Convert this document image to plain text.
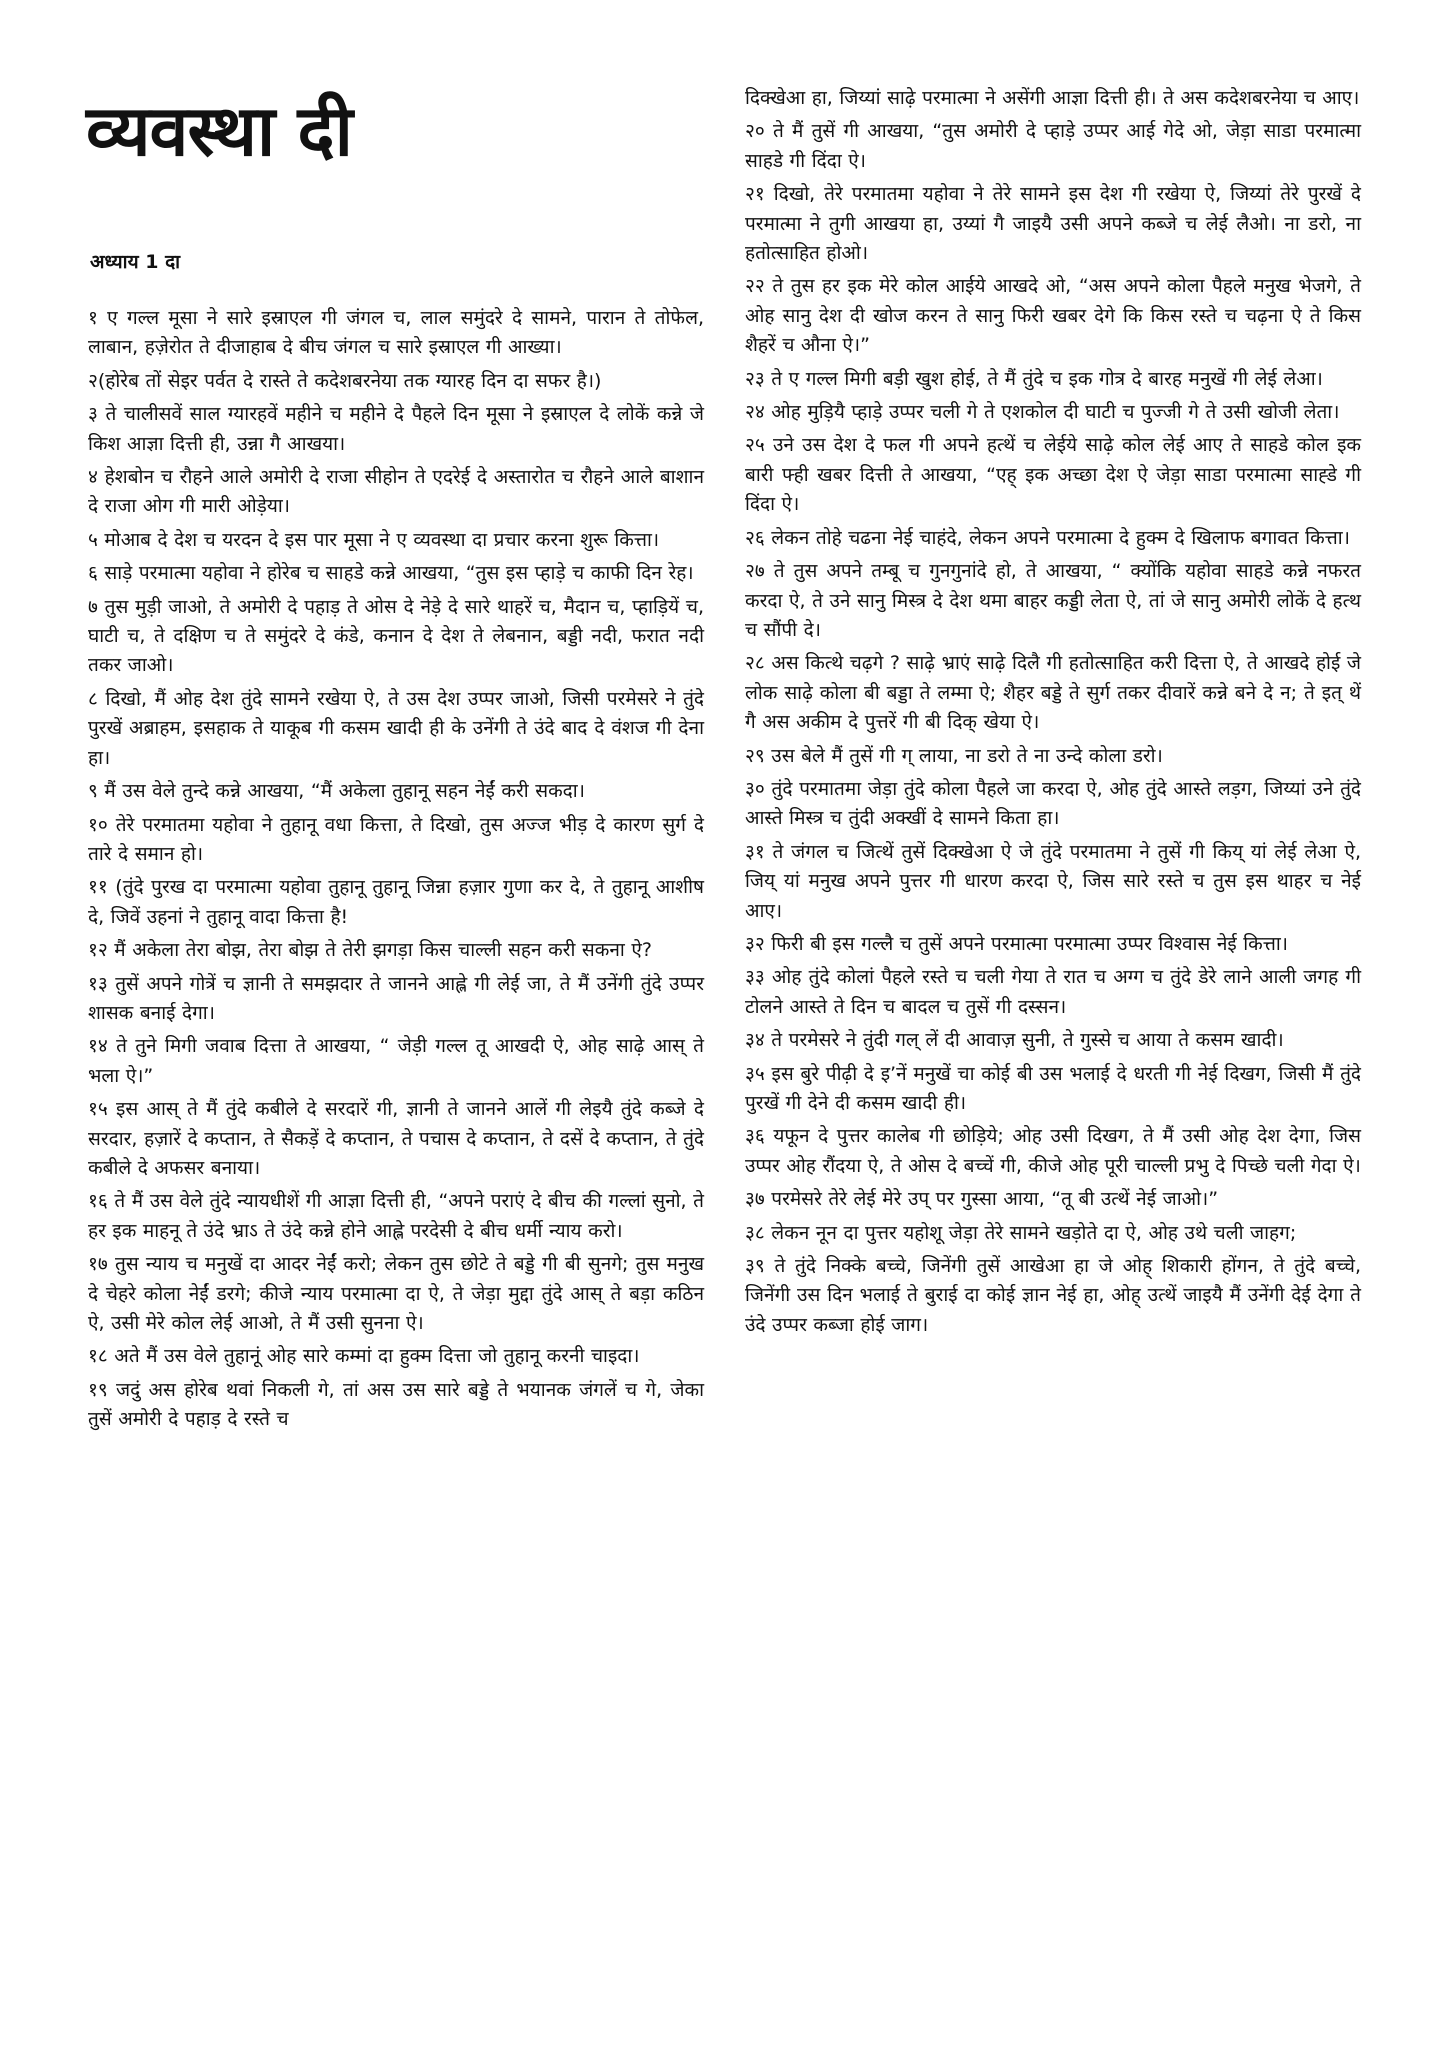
व्यवस्था दी
अध्याय 1 दा

१ ए गल्ल मूसा ने सारे इस्राएल गी जंगल च, लाल समुंदरे दे सामने, पारान ते तोफेल, लाबान, हज़ेरोत ते दीजाहाब दे बीच जंगल च सारे इस्राएल गी आख्या।

२(होरेब तों सेइर पर्वत दे रास्ते ते कदेशबरनेया तक ग्यारह दिन दा सफर है।)

३ ते चालीसवें साल ग्यारहवें महीने च महीने दे पैहले दिन मूसा ने इस्राएल दे लोकें कन्ने जे किश आज्ञा दित्ती ही, उन्ना गै आखया।

४ हेशबोन च रौहने आले अमोरी दे राजा सीहोन ते एदरेई दे अस्तारोत च रौहने आले बाशान दे राजा ओग गी मारी ओड़ेया।

५ मोआब दे देश च यरदन दे इस पार मूसा ने ए व्यवस्था दा प्रचार करना शुरू कित्ता।

६ साड़े परमात्मा यहोवा ने होरेब च साहडे कन्ने आखया, “तुस इस प्हाड़े च काफी दिन रेह।

७ तुस मुड़ी जाओ, ते अमोरी दे पहाड़ ते ओस दे नेड़े दे सारे थाहरें च, मैदान च, प्हाड़ियें च, घाटी च, ते दक्षिण च ते समुंदरे दे कंडे, कनान दे देश ते लेबनान, बड्डी नदी, फरात नदी तकर जाओ।

८ दिखो, मैं ओह देश तुंदे सामने रखेया ऐ, ते उस देश उप्पर जाओ, जिसी परमेसरे ने तुंदे पुरखें अब्राहम, इसहाक ते याकूब गी कसम खादी ही के उनेंगी ते उंदे बाद दे वंशज गी देना हा।

९ मैं उस वेले तुन्दे कन्ने आखया, “मैं अकेला तुहानू सहन नेईं करी सकदा।

१० तेरे परमातमा यहोवा ने तुहानू वधा कित्ता, ते दिखो, तुस अज्ज भीड़ दे कारण सुर्ग दे तारे दे समान हो।

११ (तुंदे पुरख दा परमात्मा यहोवा तुहानू तुहानू जिन्ना हज़ार गुणा कर दे, ते तुहानू आशीष दे, जिवें उहनां ने तुहानू वादा कित्ता है!

१२ मैं अकेला तेरा बोझ, तेरा बोझ ते तेरी झगड़ा किस चाल्ली सहन करी सकना ऐ?

१३ तुसें अपने गोत्रें च ज्ञानी ते समझदार ते जानने आह्ले गी लेई जा, ते मैं उनेंगी तुंदे उप्पर शासक बनाई देगा।

१४ ते तुने मिगी जवाब दित्ता ते आखया, “ जेड़ी गल्ल तू आखदी ऐ, ओह साढ़े आस् ते भला ऐ।”

१५ इस आस् ते मैं तुंदे कबीले दे सरदारें गी, ज्ञानी ते जानने आलें गी लेइयै तुंदे कब्जे दे सरदार, हज़ारें दे कप्तान, ते सैकड़ें दे कप्तान, ते पचास दे कप्तान, ते दसें दे कप्तान, ते तुंदे कबीले दे अफसर बनाया।

१६ ते मैं उस वेले तुंदे न्यायधीशें गी आज्ञा दित्ती ही, “अपने पराएं दे बीच की गल्लां सुनो, ते हर इक माहनू ते उंदे भ्राऽ ते उंदे कन्ने होने आह्ले परदेसी दे बीच धर्मी न्याय करो।

१७ तुस न्याय च मनुखें दा आदर नेईं करो; लेकन तुस छोटे ते बड्डे गी बी सुनगे; तुस मनुख दे चेहरे कोला नेईं डरगे; कीजे न्याय परमात्मा दा ऐ, ते जेड़ा मुद्दा तुंदे आस् ते बड़ा कठिन ऐ, उसी मेरे कोल लेई आओ, ते मैं उसी सुनना ऐ।

१८ अते मैं उस वेले तुहानूं ओह सारे कम्मां दा हुक्म दित्ता जो तुहानू करनी चाइदा।

१९ जदुं अस होरेब थवां निकली गे, तां अस उस सारे बड्डे ते भयानक जंगलें च गे, जेका तुसें अमोरी दे पहाड़ दे रस्ते च

दिक्खेआ हा, जिय्यां साढ़े परमात्मा ने असेंगी आज्ञा दित्ती ही। ते अस कदेशबरनेया च आए।

२० ते मैं तुसें गी आखया, “तुस अमोरी दे प्हाड़े उप्पर आई गेदे ओ, जेड़ा साडा परमात्मा साहडे गी दिंदा ऐ।

२१ दिखो, तेरे परमातमा यहोवा ने तेरे सामने इस देश गी रखेया ऐ, जिय्यां तेरे पुरखें दे परमात्मा ने तुगी आखया हा, उय्यां गै जाइयै उसी अपने कब्जे च लेई लैओ। ना डरो, ना हतोत्साहित होओ।

२२ ते तुस हर इक मेरे कोल आईये आखदे ओ, “अस अपने कोला पैहले मनुख भेजगे, ते ओह सानु देश दी खोज करन ते सानु फिरी खबर देगे कि किस रस्ते च चढ़ना ऐ ते किस शैहरें च औना ऐ।”

२३ ते ए गल्ल मिगी बड़ी खुश होई, ते मैं तुंदे च इक गोत्र दे बारह मनुखें गी लेई लेआ।

२४ ओह मुड़ियै प्हाड़े उप्पर चली गे ते एशकोल दी घाटी च पुज्जी गे ते उसी खोजी लेता।

२५ उने उस देश दे फल गी अपने हत्थें च लेईये साढ़े कोल लेई आए ते साहडे कोल इक बारी फ्ही खबर दित्ती ते आखया, “एह् इक अच्छा देश ऐ जेड़ा साडा परमात्मा साह्डे गी दिंदा ऐ।

२६ लेकन तोहे चढना नेई चाहंदे, लेकन अपने परमात्मा दे हुक्म दे खिलाफ बगावत कित्ता।

२७ ते तुस अपने तम्बू च गुनगुनांदे हो, ते आखया, “ क्योंकि यहोवा साहडे कन्ने नफरत करदा ऐ, ते उने सानु मिस्त्र दे देश थमा बाहर कड्डी लेता ऐ, तां जे सानु अमोरी लोकें दे हत्थ च सौंपी दे।

२८ अस कित्थे चढ़गे ? साढ़े भ्राएं साढ़े दिलै गी हतोत्साहित करी दित्ता ऐ, ते आखदे होई जे लोक साढ़े कोला बी बड्डा ते लम्मा ऐ; शैहर बड्डे ते सुर्ग तकर दीवारें कन्ने बने दे न; ते इत् थें गै अस अकीम दे पुत्तरें गी बी दिक् खेया ऐ।

२९ उस बेले मैं तुसें गी ग् लाया, ना डरो ते ना उन्दे कोला डरो।

३० तुंदे परमातमा जेड़ा तुंदे कोला पैहले जा करदा ऐ, ओह तुंदे आस्ते लड़ग, जिय्यां उने तुंदे आस्ते मिस्त्र च तुंदी अक्खीं दे सामने किता हा।

३१ ते जंगल च जित्थें तुसें दिक्खेआ ऐ जे तुंदे परमातमा ने तुसें गी किय् यां लेई लेआ ऐ, जिय् यां मनुख अपने पुत्तर गी धारण करदा ऐ, जिस सारे रस्ते च तुस इस थाहर च नेई आए।

३२ फिरी बी इस गल्लै च तुसें अपने परमात्मा परमात्मा उप्पर विश्वास नेई कित्ता।

३३ ओह तुंदे कोलां पैहले रस्ते च चली गेया ते रात च अग्ग च तुंदे डेरे लाने आली जगह गी टोलने आस्ते ते दिन च बादल च तुसें गी दस्सन।

३४ ते परमेसरे ने तुंदी गल् लें दी आवाज़ सुनी, ते गुस्से च आया ते कसम खादी।

३५ इस बुरे पीढ़ी दे इ’नें मनुखें चा कोई बी उस भलाई दे धरती गी नेई दिखग, जिसी मैं तुंदे पुरखें गी देने दी कसम खादी ही।

३६ यफून दे पुत्तर कालेब गी छोड़िये; ओह उसी दिखग, ते मैं उसी ओह देश देगा, जिस उप्पर ओह रौंदया ऐ, ते ओस दे बच्चें गी, कीजे ओह पूरी चाल्ली प्रभु दे पिच्छे चली गेदा ऐ।

३७ परमेसरे तेरे लेई मेरे उप् पर गुस्सा आया, “तू बी उत्थें नेई जाओ।”

३८ लेकन नून दा पुत्तर यहोशू जेड़ा तेरे सामने खड़ोते दा ऐ, ओह उथे चली जाहग;

३९ ते तुंदे निक्के बच्चे, जिनेंगी तुसें आखेआ हा जे ओह् शिकारी होंगन, ते तुंदे बच्चे, जिनेंगी उस दिन भलाई ते बुराई दा कोई ज्ञान नेई हा, ओह् उत्थें जाइयै मैं उनेंगी देई देगा ते उंदे उप्पर कब्जा होई जाग।
